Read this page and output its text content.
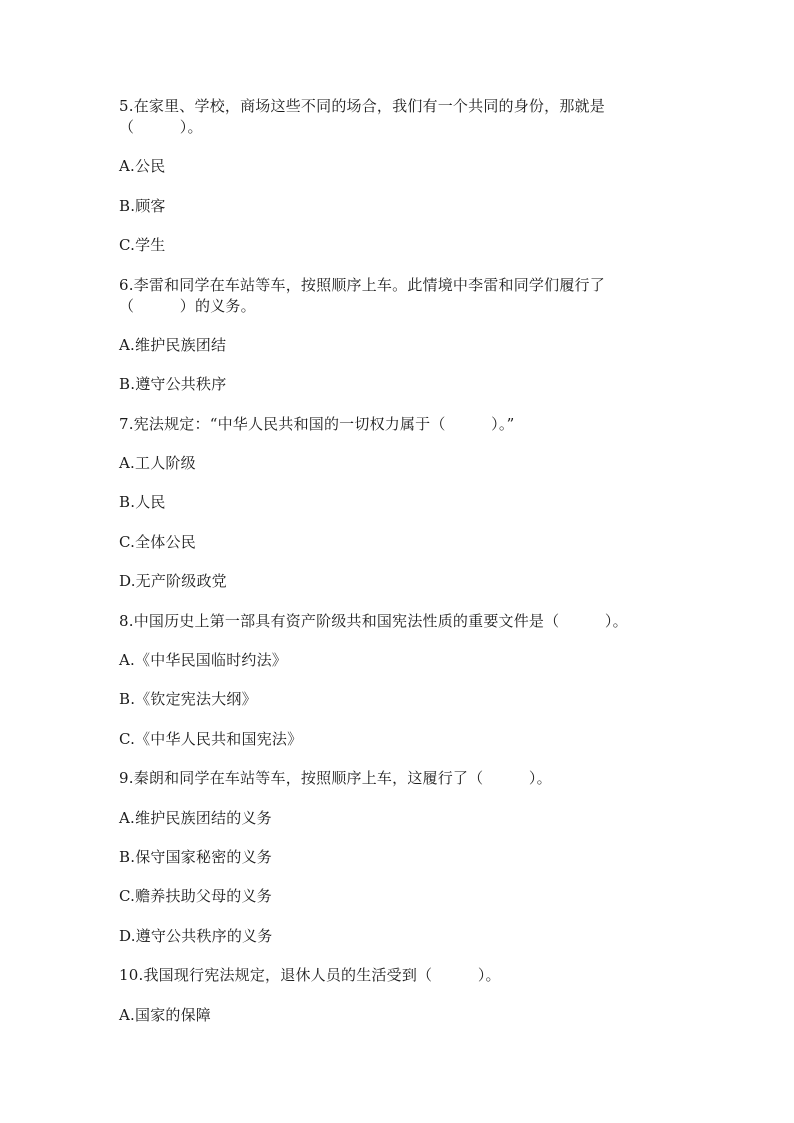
5.在家里、学校，商场这些不同的场合，我们有一个共同的身份，那就是
（　　　）。
A.公民
B.顾客
C.学生
6.李雷和同学在车站等车，按照顺序上车。此情境中李雷和同学们履行了
（　　　）的义务。
A.维护民族团结
B.遵守公共秩序
7.宪法规定：“中华人民共和国的一切权力属于（　　　）。”
A.工人阶级
B.人民
C.全体公民
D.无产阶级政党
8.中国历史上第一部具有资产阶级共和国宪法性质的重要文件是（　　　）。
A.《中华民国临时约法》
B.《钦定宪法大纲》
C.《中华人民共和国宪法》
9.秦朗和同学在车站等车，按照顺序上车，这履行了（　　　）。
A.维护民族团结的义务
B.保守国家秘密的义务
C.赡养扶助父母的义务
D.遵守公共秩序的义务
10.我国现行宪法规定，退休人员的生活受到（　　　）。
A.国家的保障
